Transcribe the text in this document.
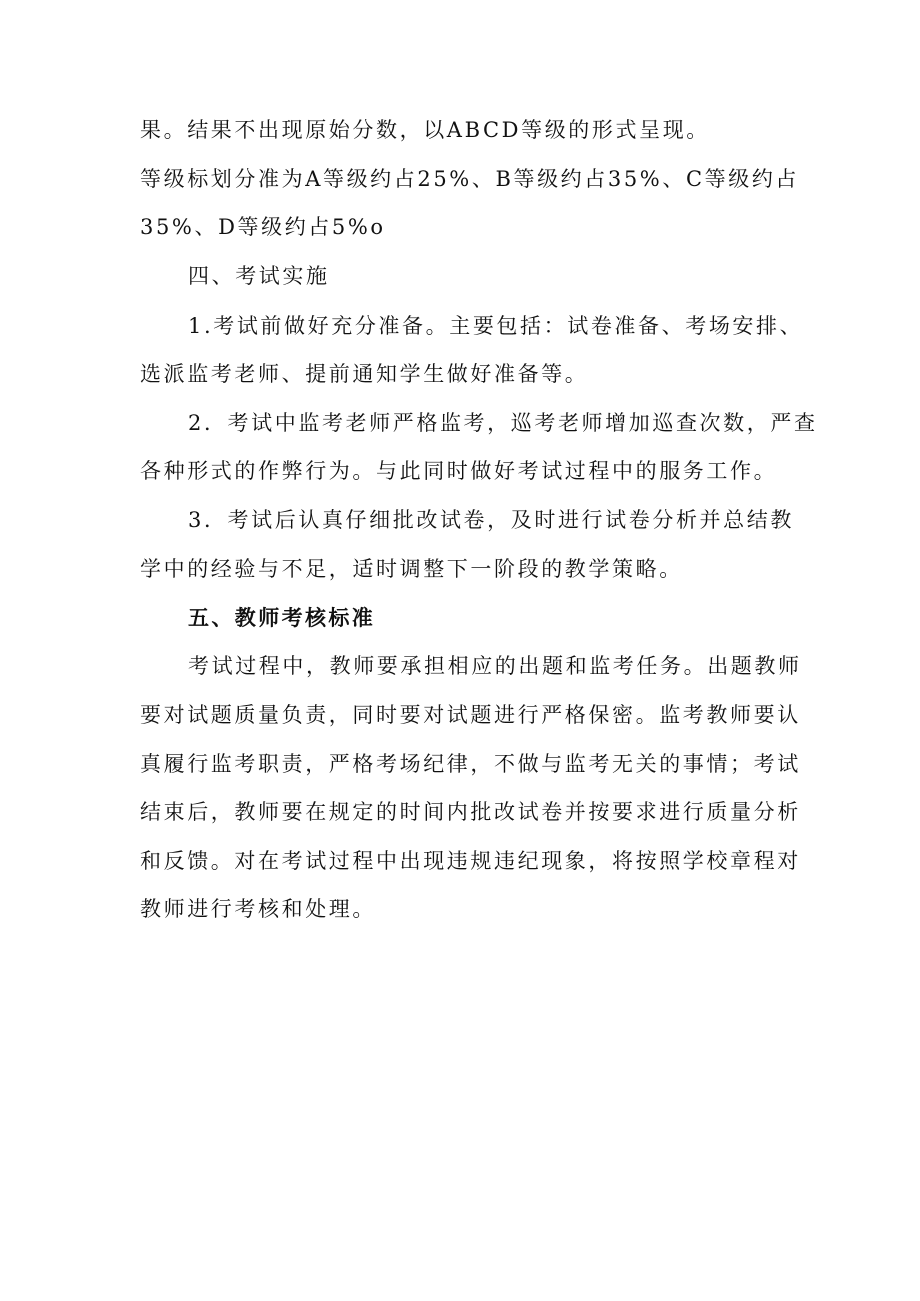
果。结果不出现原始分数，以ABCD等级的形式呈现。
等级标划分准为A等级约占25%、B等级约占35%、C等级约占
35%、D等级约占5%o
四、考试实施
1.考试前做好充分准备。主要包括：试卷准备、考场安排、
选派监考老师、提前通知学生做好准备等。
2．考试中监考老师严格监考，巡考老师增加巡查次数，严查
各种形式的作弊行为。与此同时做好考试过程中的服务工作。
3．考试后认真仔细批改试卷，及时进行试卷分析并总结教
学中的经验与不足，适时调整下一阶段的教学策略。
五、教师考核标准
考试过程中，教师要承担相应的出题和监考任务。出题教师
要对试题质量负责，同时要对试题进行严格保密。监考教师要认
真履行监考职责，严格考场纪律，不做与监考无关的事情；考试
结束后，教师要在规定的时间内批改试卷并按要求进行质量分析
和反馈。对在考试过程中出现违规违纪现象，将按照学校章程对
教师进行考核和处理。
